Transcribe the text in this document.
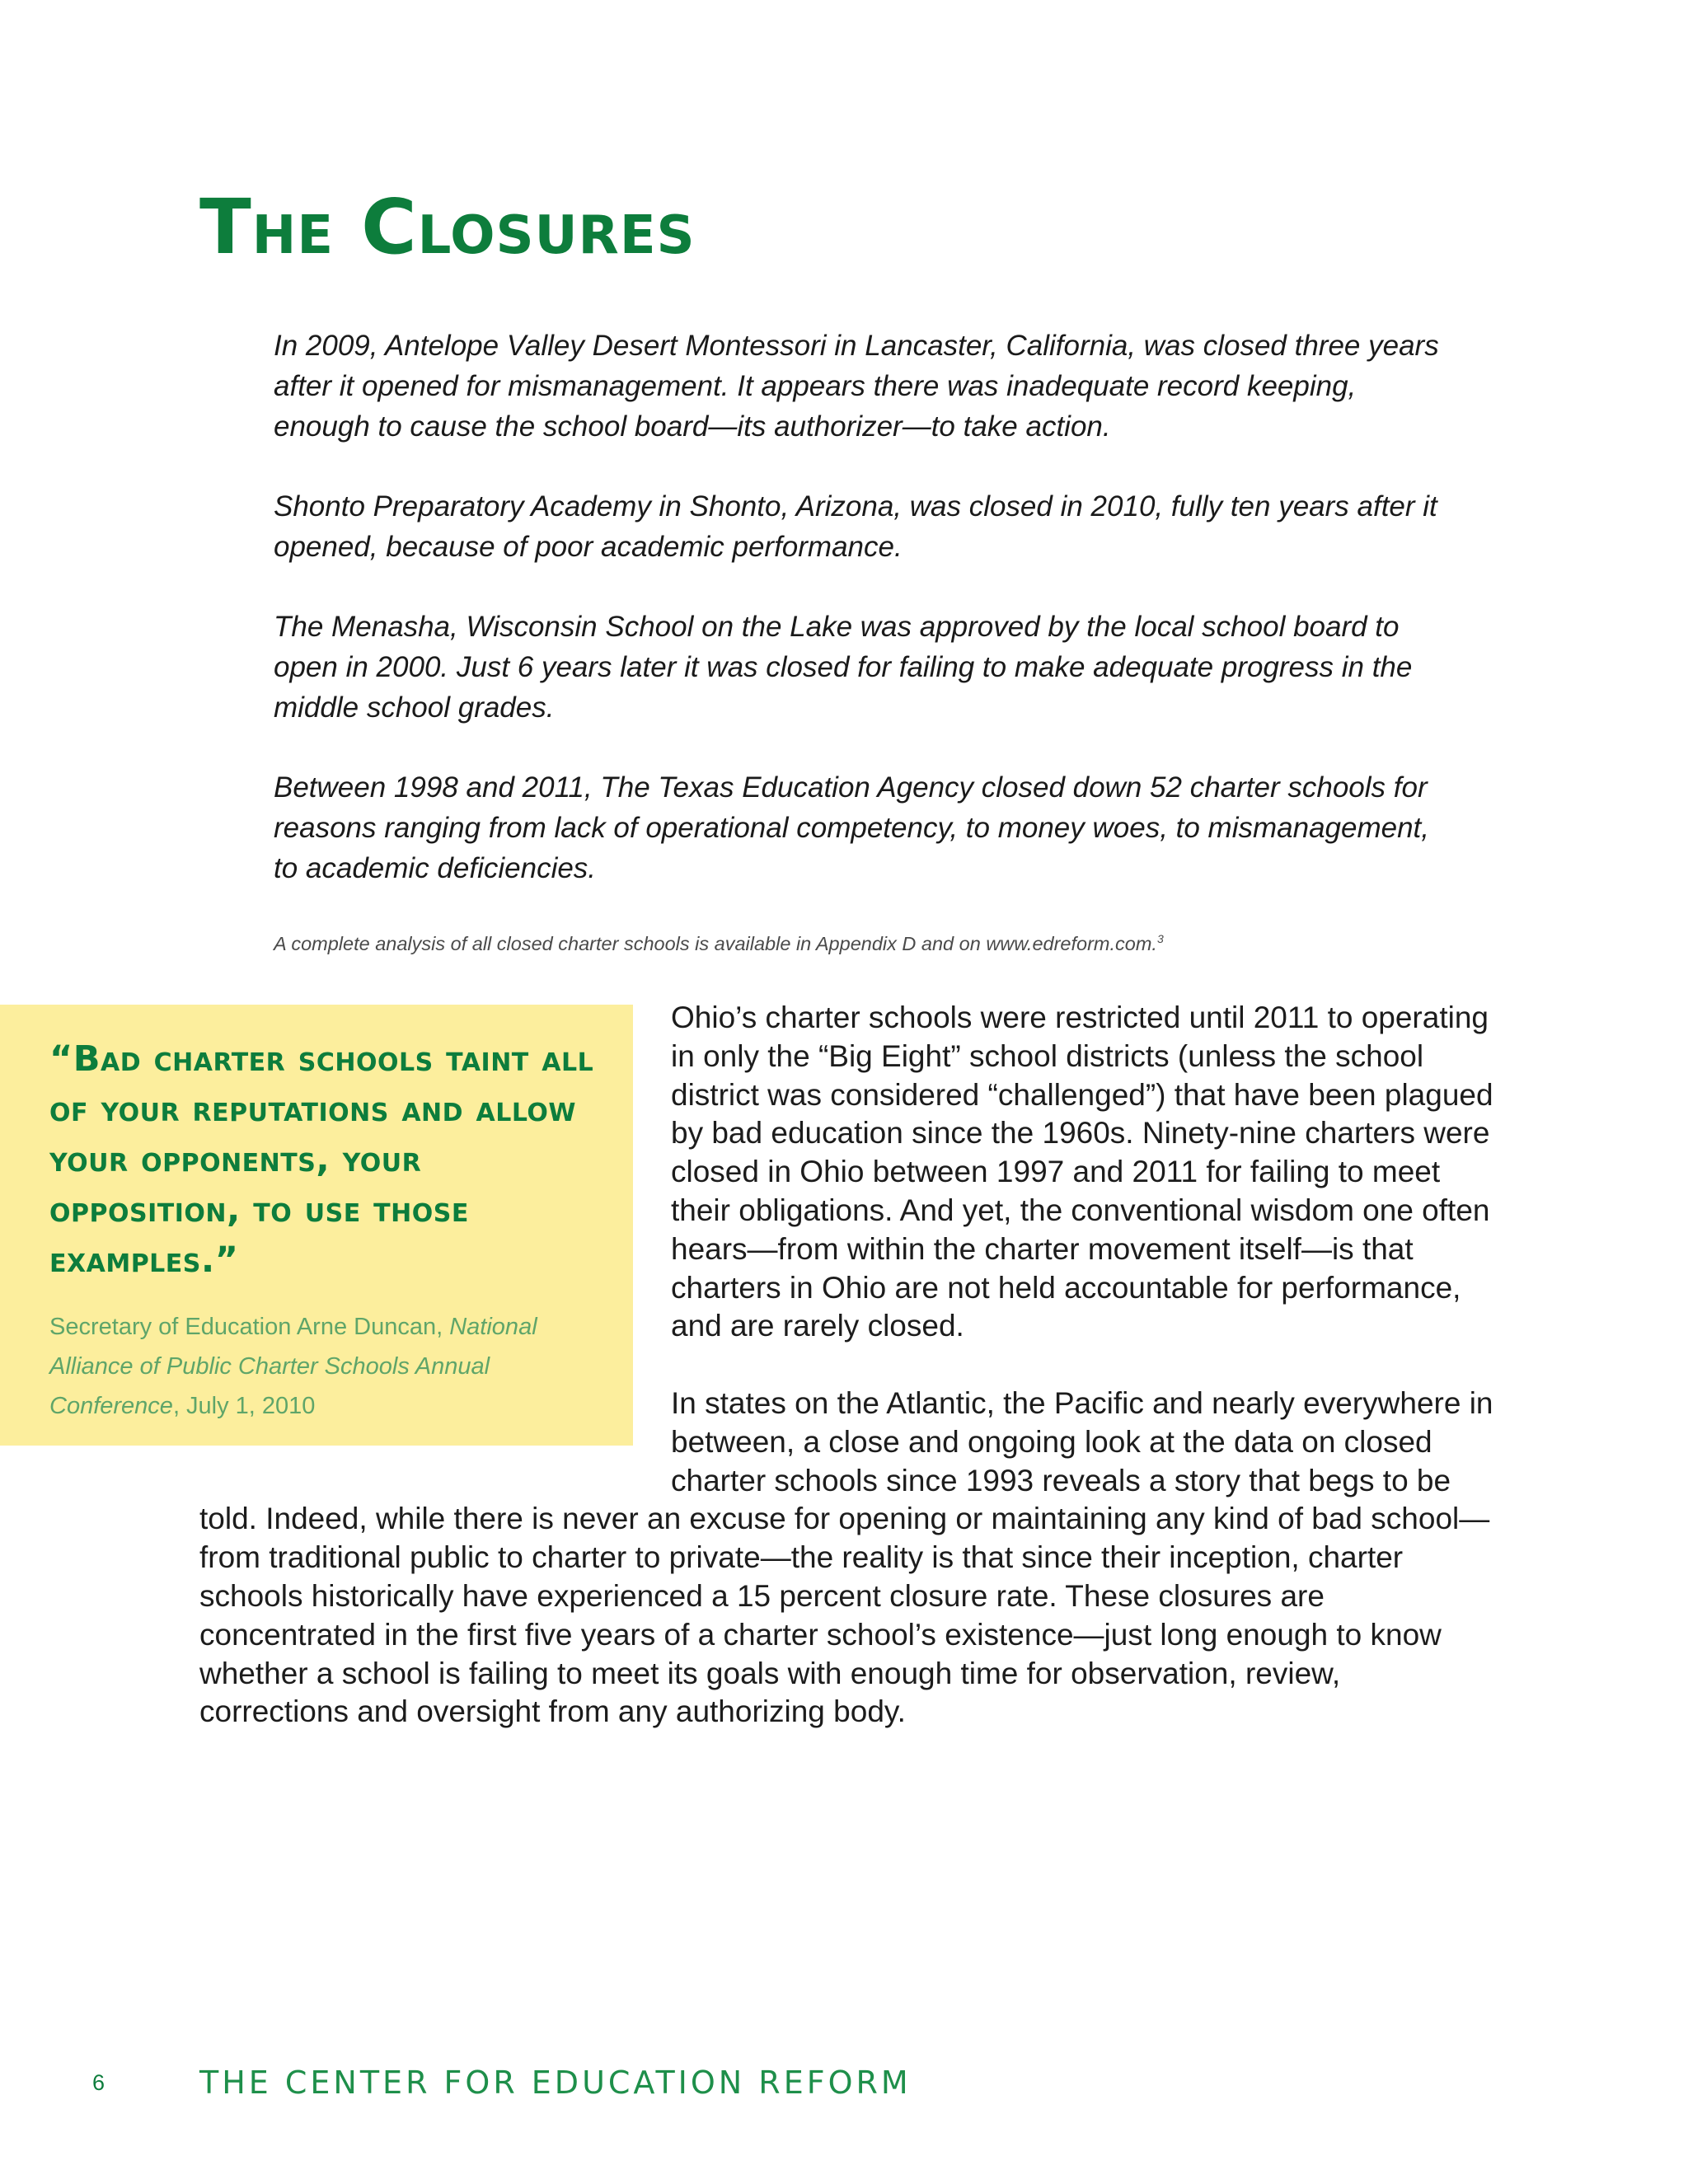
The Closures

In 2009, Antelope Valley Desert Montessori in Lancaster, California, was closed three years after it opened for mismanagement. It appears there was inadequate record keeping, enough to cause the school board—its authorizer—to take action.

Shonto Preparatory Academy in Shonto, Arizona, was closed in 2010, fully ten years after it opened, because of poor academic performance.

The Menasha, Wisconsin School on the Lake was approved by the local school board to open in 2000. Just 6 years later it was closed for failing to make adequate progress in the middle school grades.

Between 1998 and 2011, The Texas Education Agency closed down 52 charter schools for reasons ranging from lack of operational competency, to money woes, to mismanagement, to academic deficiencies.

A complete analysis of all closed charter schools is available in Appendix D and on www.edreform.com.$^3$

Ohio’s charter schools were restricted until 2011 to operating in only the “Big Eight” school districts (unless the school district was considered “challenged”) that have been plagued by bad education since the 1960s. Ninety-nine charters were closed in Ohio between 1997 and 2011 for failing to meet their obligations. And yet, the conventional wisdom one often hears—from within the charter movement itself—is that charters in Ohio are not held accountable for performance, and are rarely closed.

In states on the Atlantic, the Pacific and nearly everywhere in between, a close and ongoing look at the data on closed charter schools since 1993 reveals a story that begs to be told. Indeed, while there is never an excuse for opening or maintaining any kind of bad school—from traditional public to charter to private—the reality is that since their inception, charter schools historically have experienced a 15 percent closure rate. These closures are concentrated in the first five years of a charter school’s existence—just long enough to know whether a school is failing to meet its goals with enough time for observation, review, corrections and oversight from any authorizing body.

“Bad charter schools taint all of your reputations and allow your opponents, your opposition, to use those examples.”

Secretary of Education Arne Duncan, National Alliance of Public Charter Schools Annual Conference, July 1, 2010

6	THE CENTER FOR EDUCATION REFORM
